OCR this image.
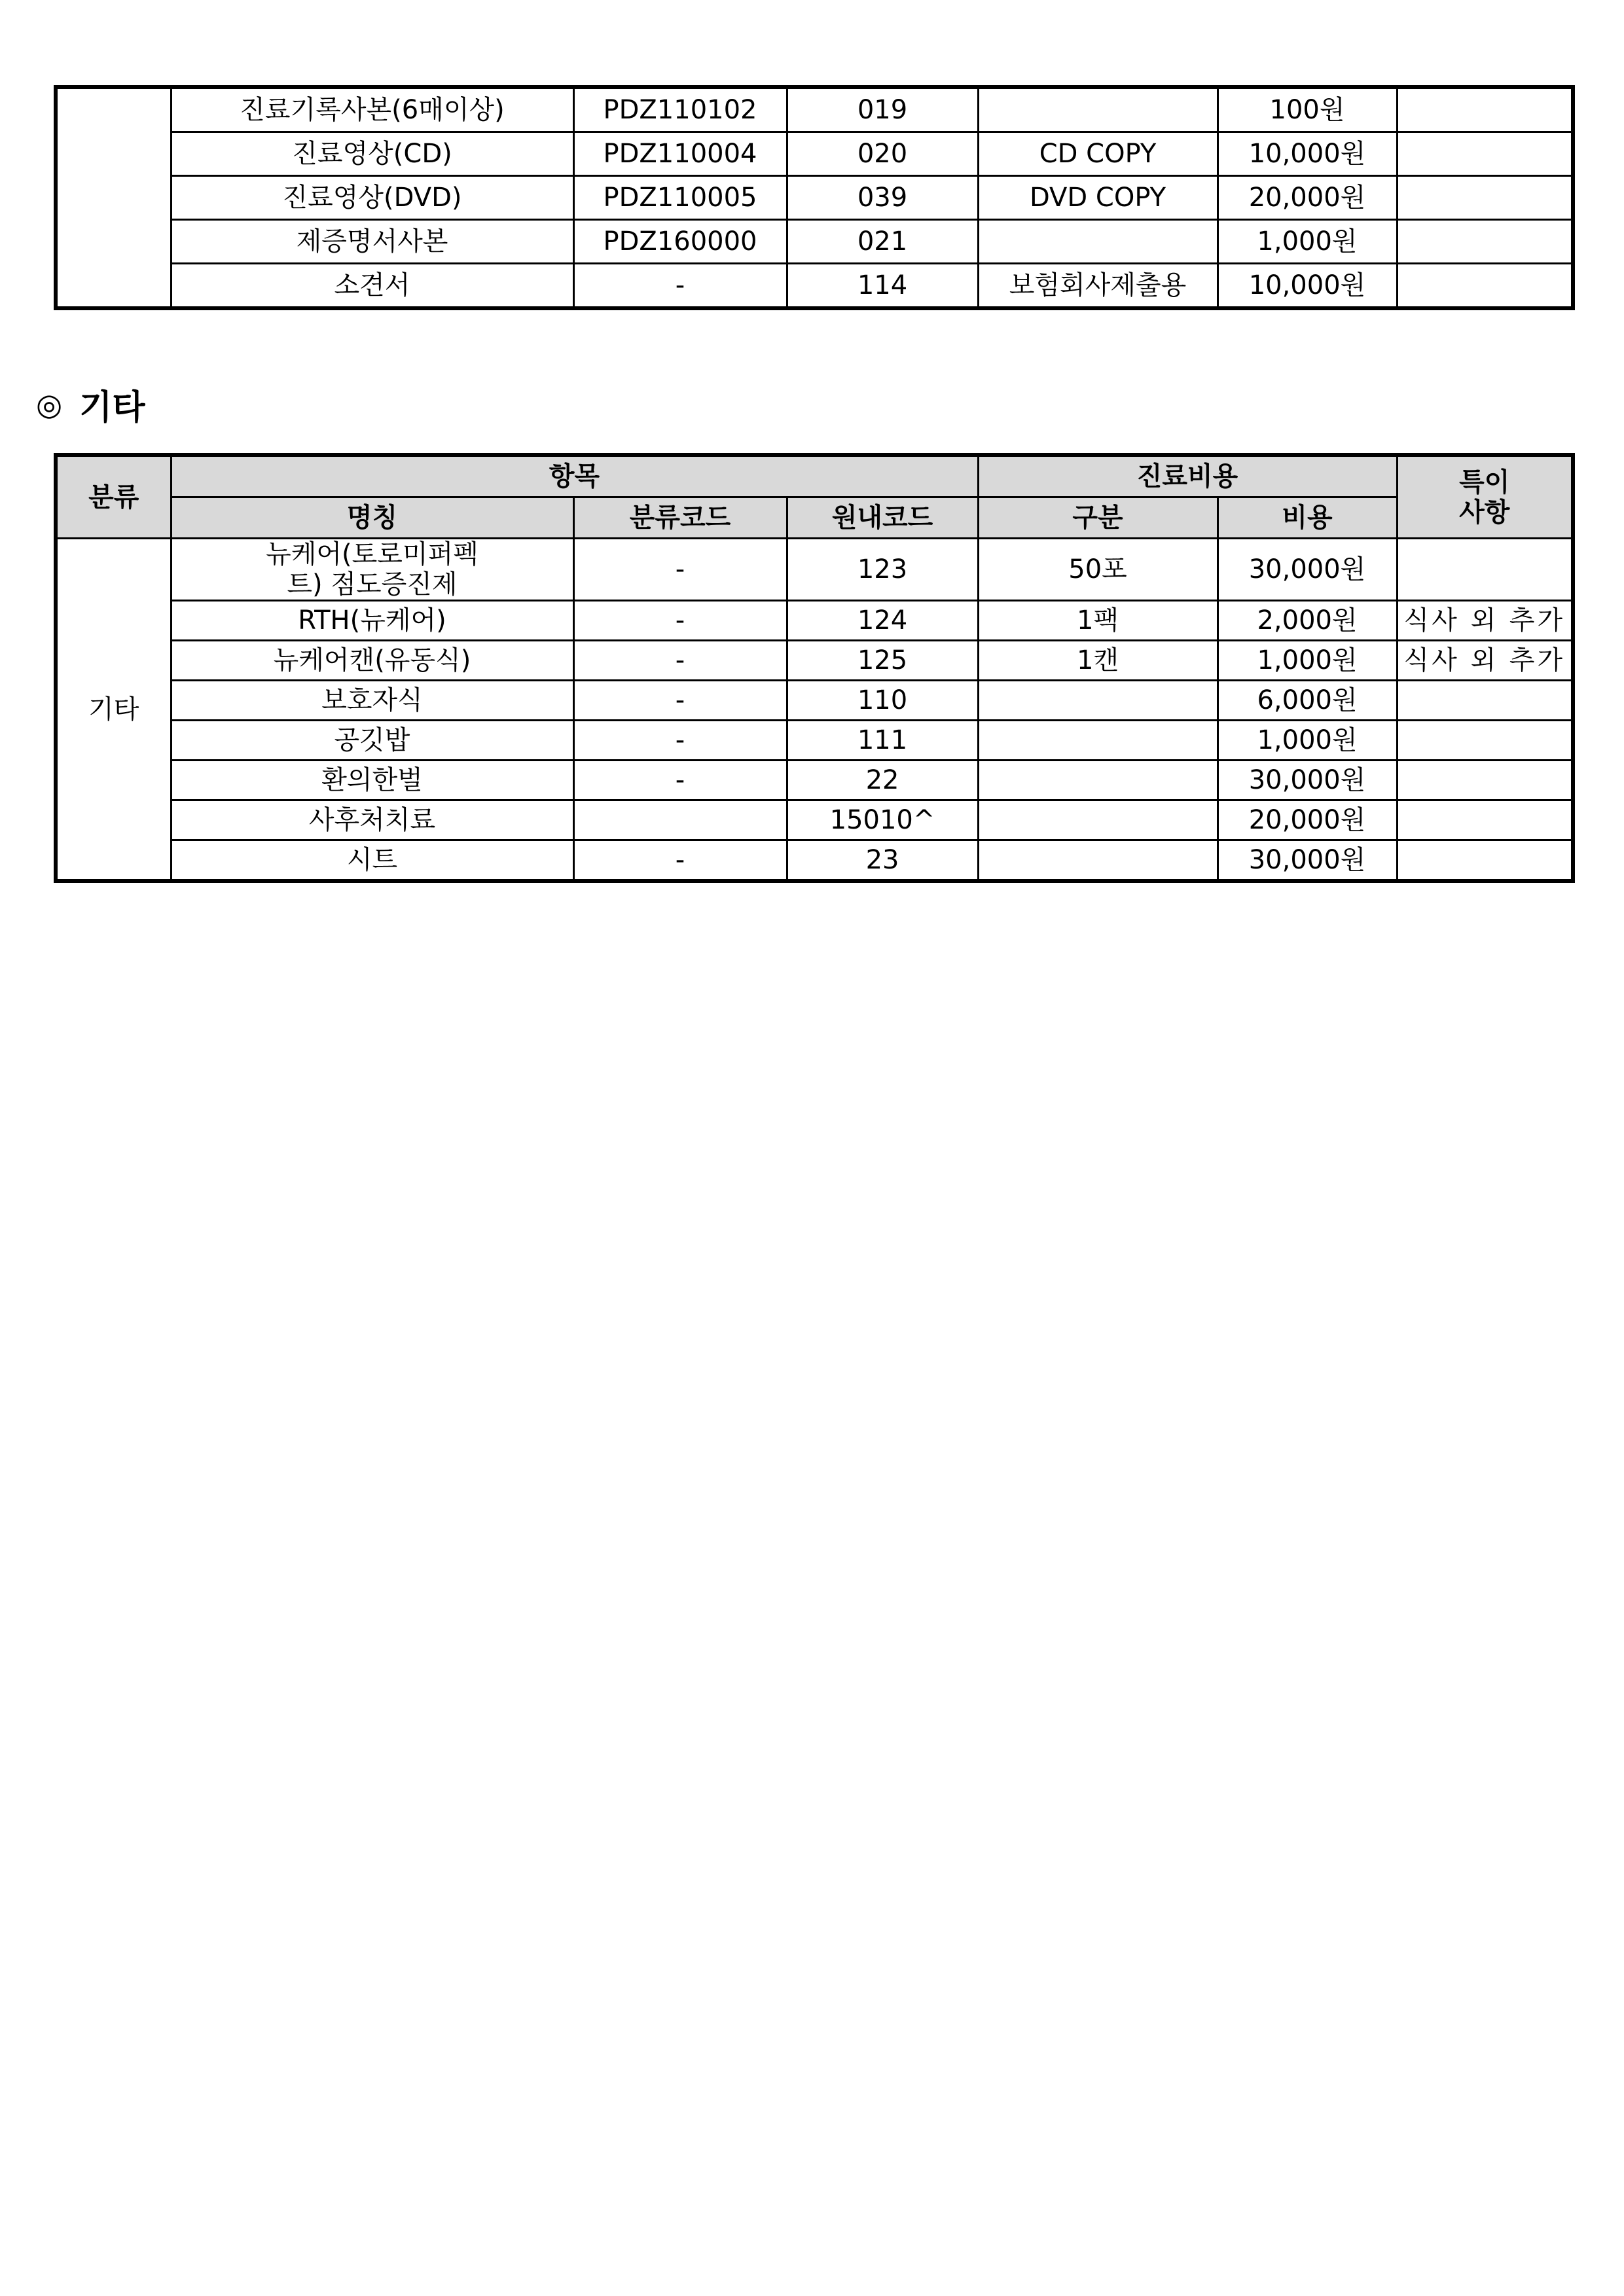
	진료기록사본(6매이상)	PDZ110102	019		100원	
	진료영상(CD)	PDZ110004	020	CD COPY	10,000원	
	진료영상(DVD)	PDZ110005	039	DVD COPY	20,000원	
	제증명서사본	PDZ160000	021		1,000원	
	소견서	-	114	보험회사제출용	10,000원	
◎ 기타
분류	항목			진료비용		특이 사항
	명칭	분류코드	원내코드	구분	비용	
기타	뉴케어(토로미퍼펙트) 점도증진제	-	123	50포	30,000원	
	RTH(뉴케어)	-	124	1팩	2,000원	식사 외 추가
	뉴케어캔(유동식)	-	125	1캔	1,000원	식사 외 추가
	보호자식	-	110		6,000원	
	공깃밥	-	111		1,000원	
	환의한벌	-	22		30,000원	
	사후처치료		15010^		20,000원	
	시트	-	23		30,000원	
